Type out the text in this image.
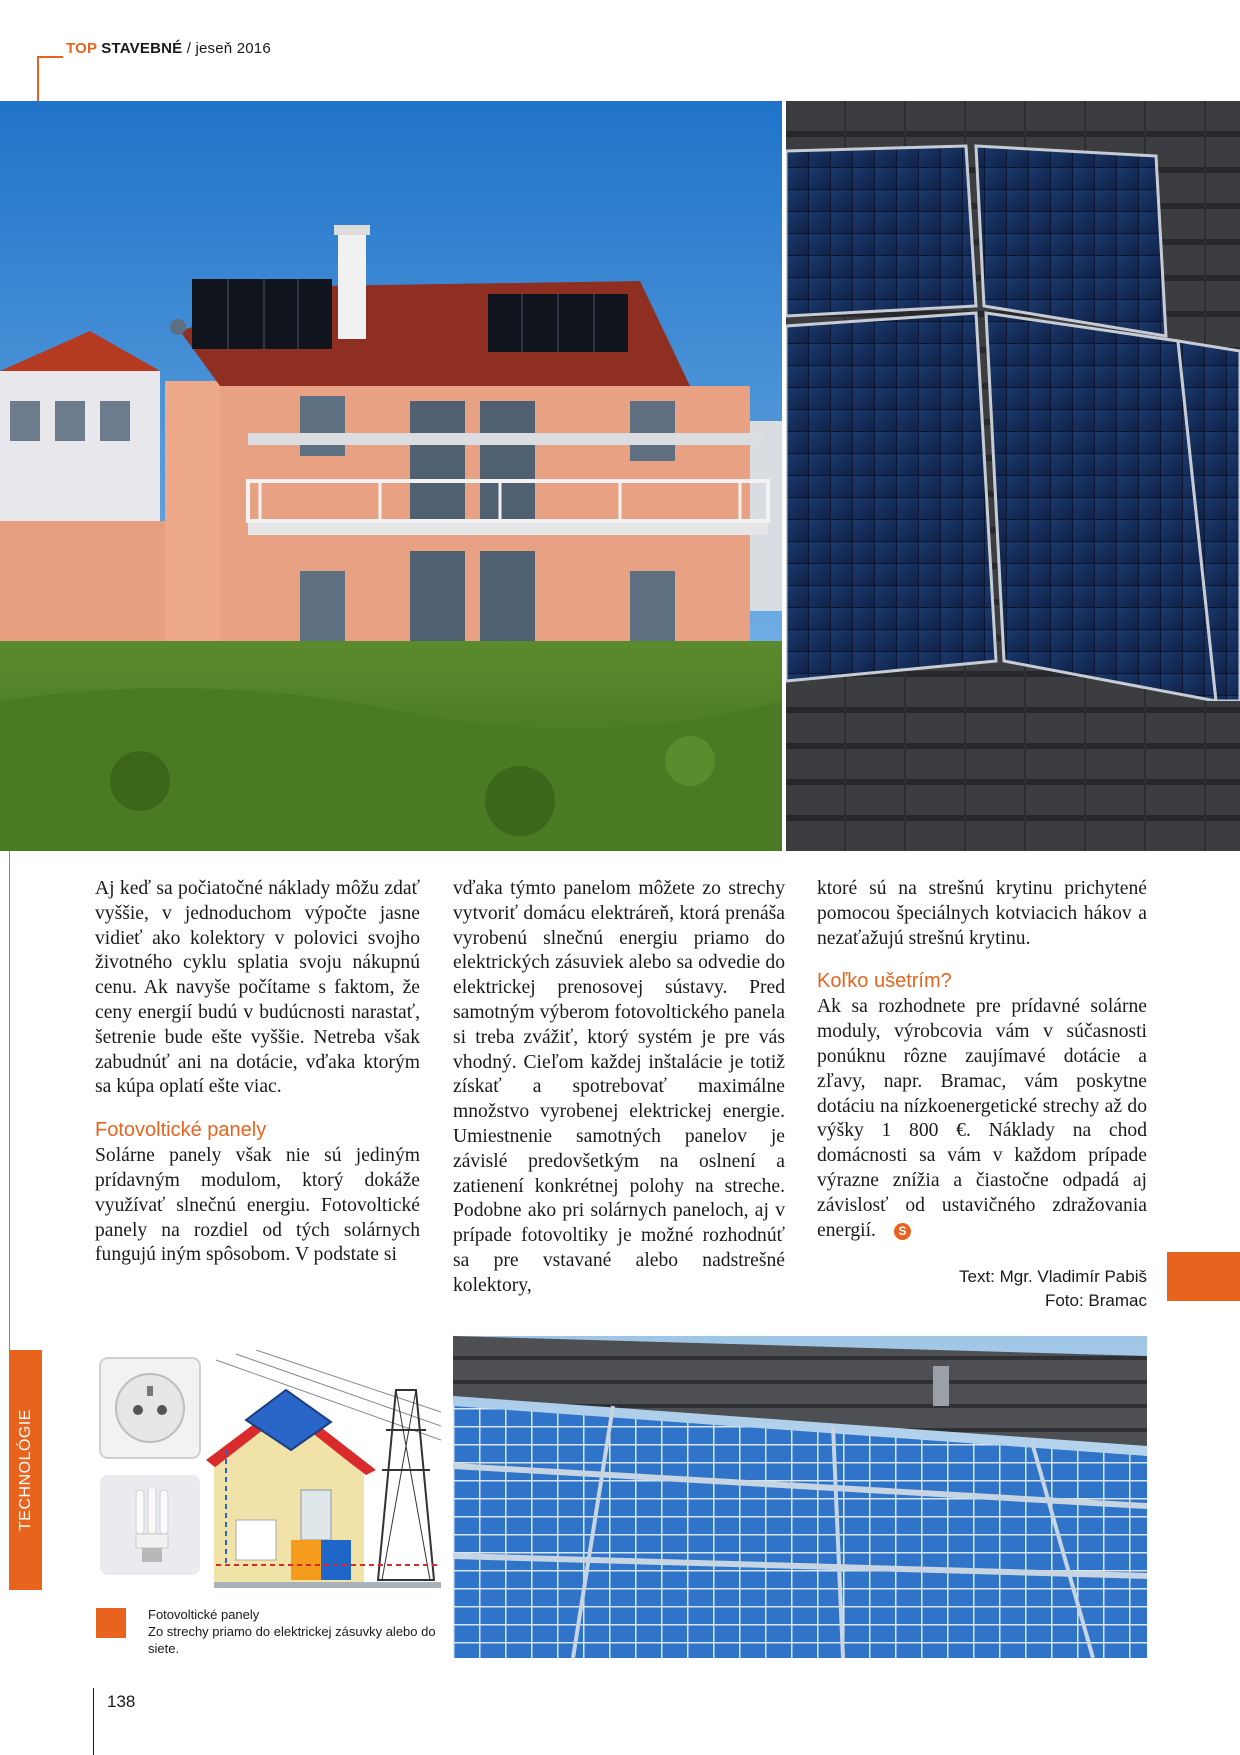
TOP STAVEBNÉ / jeseň 2016

Aj keď sa počiatočné náklady môžu zdať vyššie, v jednoduchom výpočte jasne vidieť ako kolektory v polovici svojho životného cyklu splatia svoju nákupnú cenu. Ak navyše počítame s faktom, že ceny energií budú v budúcnosti narastať, šetrenie bude ešte vyššie. Netreba však zabudnúť ani na dotácie, vďaka ktorým sa kúpa oplatí ešte viac.

Fotovoltické panely

Solárne panely však nie sú jediným prídavným modulom, ktorý dokáže využívať slnečnú energiu. Fotovoltické panely na rozdiel od tých solárnych fungujú iným spôsobom. V podstate si

vďaka týmto panelom môžete zo strechy vytvoriť domácu elektráreň, ktorá prenáša vyrobenú slnečnú energiu priamo do elektrických zásuviek alebo sa odvedie do elektrickej prenosovej sústavy. Pred samotným výberom fotovoltického panela si treba zvážiť, ktorý systém je pre vás vhodný. Cieľom každej inštalácie je totiž získať a spotrebovať maximálne množstvo vyrobenej elektrickej energie. Umiestnenie samotných panelov je závislé predovšetkým na oslnení a zatienení konkrétnej polohy na streche. Podobne ako pri solárnych paneloch, aj v prípade fotovoltiky je možné rozhodnúť sa pre vstavané alebo nadstrešné kolektory,

ktoré sú na strešnú krytinu prichytené pomocou špeciálnych kotviacich hákov a nezaťažujú strešnú krytinu.

Koľko ušetrím?

Ak sa rozhodnete pre prídavné solárne moduly, výrobcovia vám v súčasnosti ponúknu rôzne zaujímavé dotácie a zľavy, napr. Bramac, vám poskytne dotáciu na nízkoenergetické strechy až do výšky 1 800 €. Náklady na chod domácnosti sa vám v každom prípade výrazne znížia a čiastočne odpadá aj závislosť od ustavičného zdražovania energií. S

Text: Mgr. Vladimír Pabiš
Foto: Bramac
TECHNOLÓGIE
Fotovoltické panely
Zo strechy priamo do elektrickej zásuvky alebo do siete.
138
